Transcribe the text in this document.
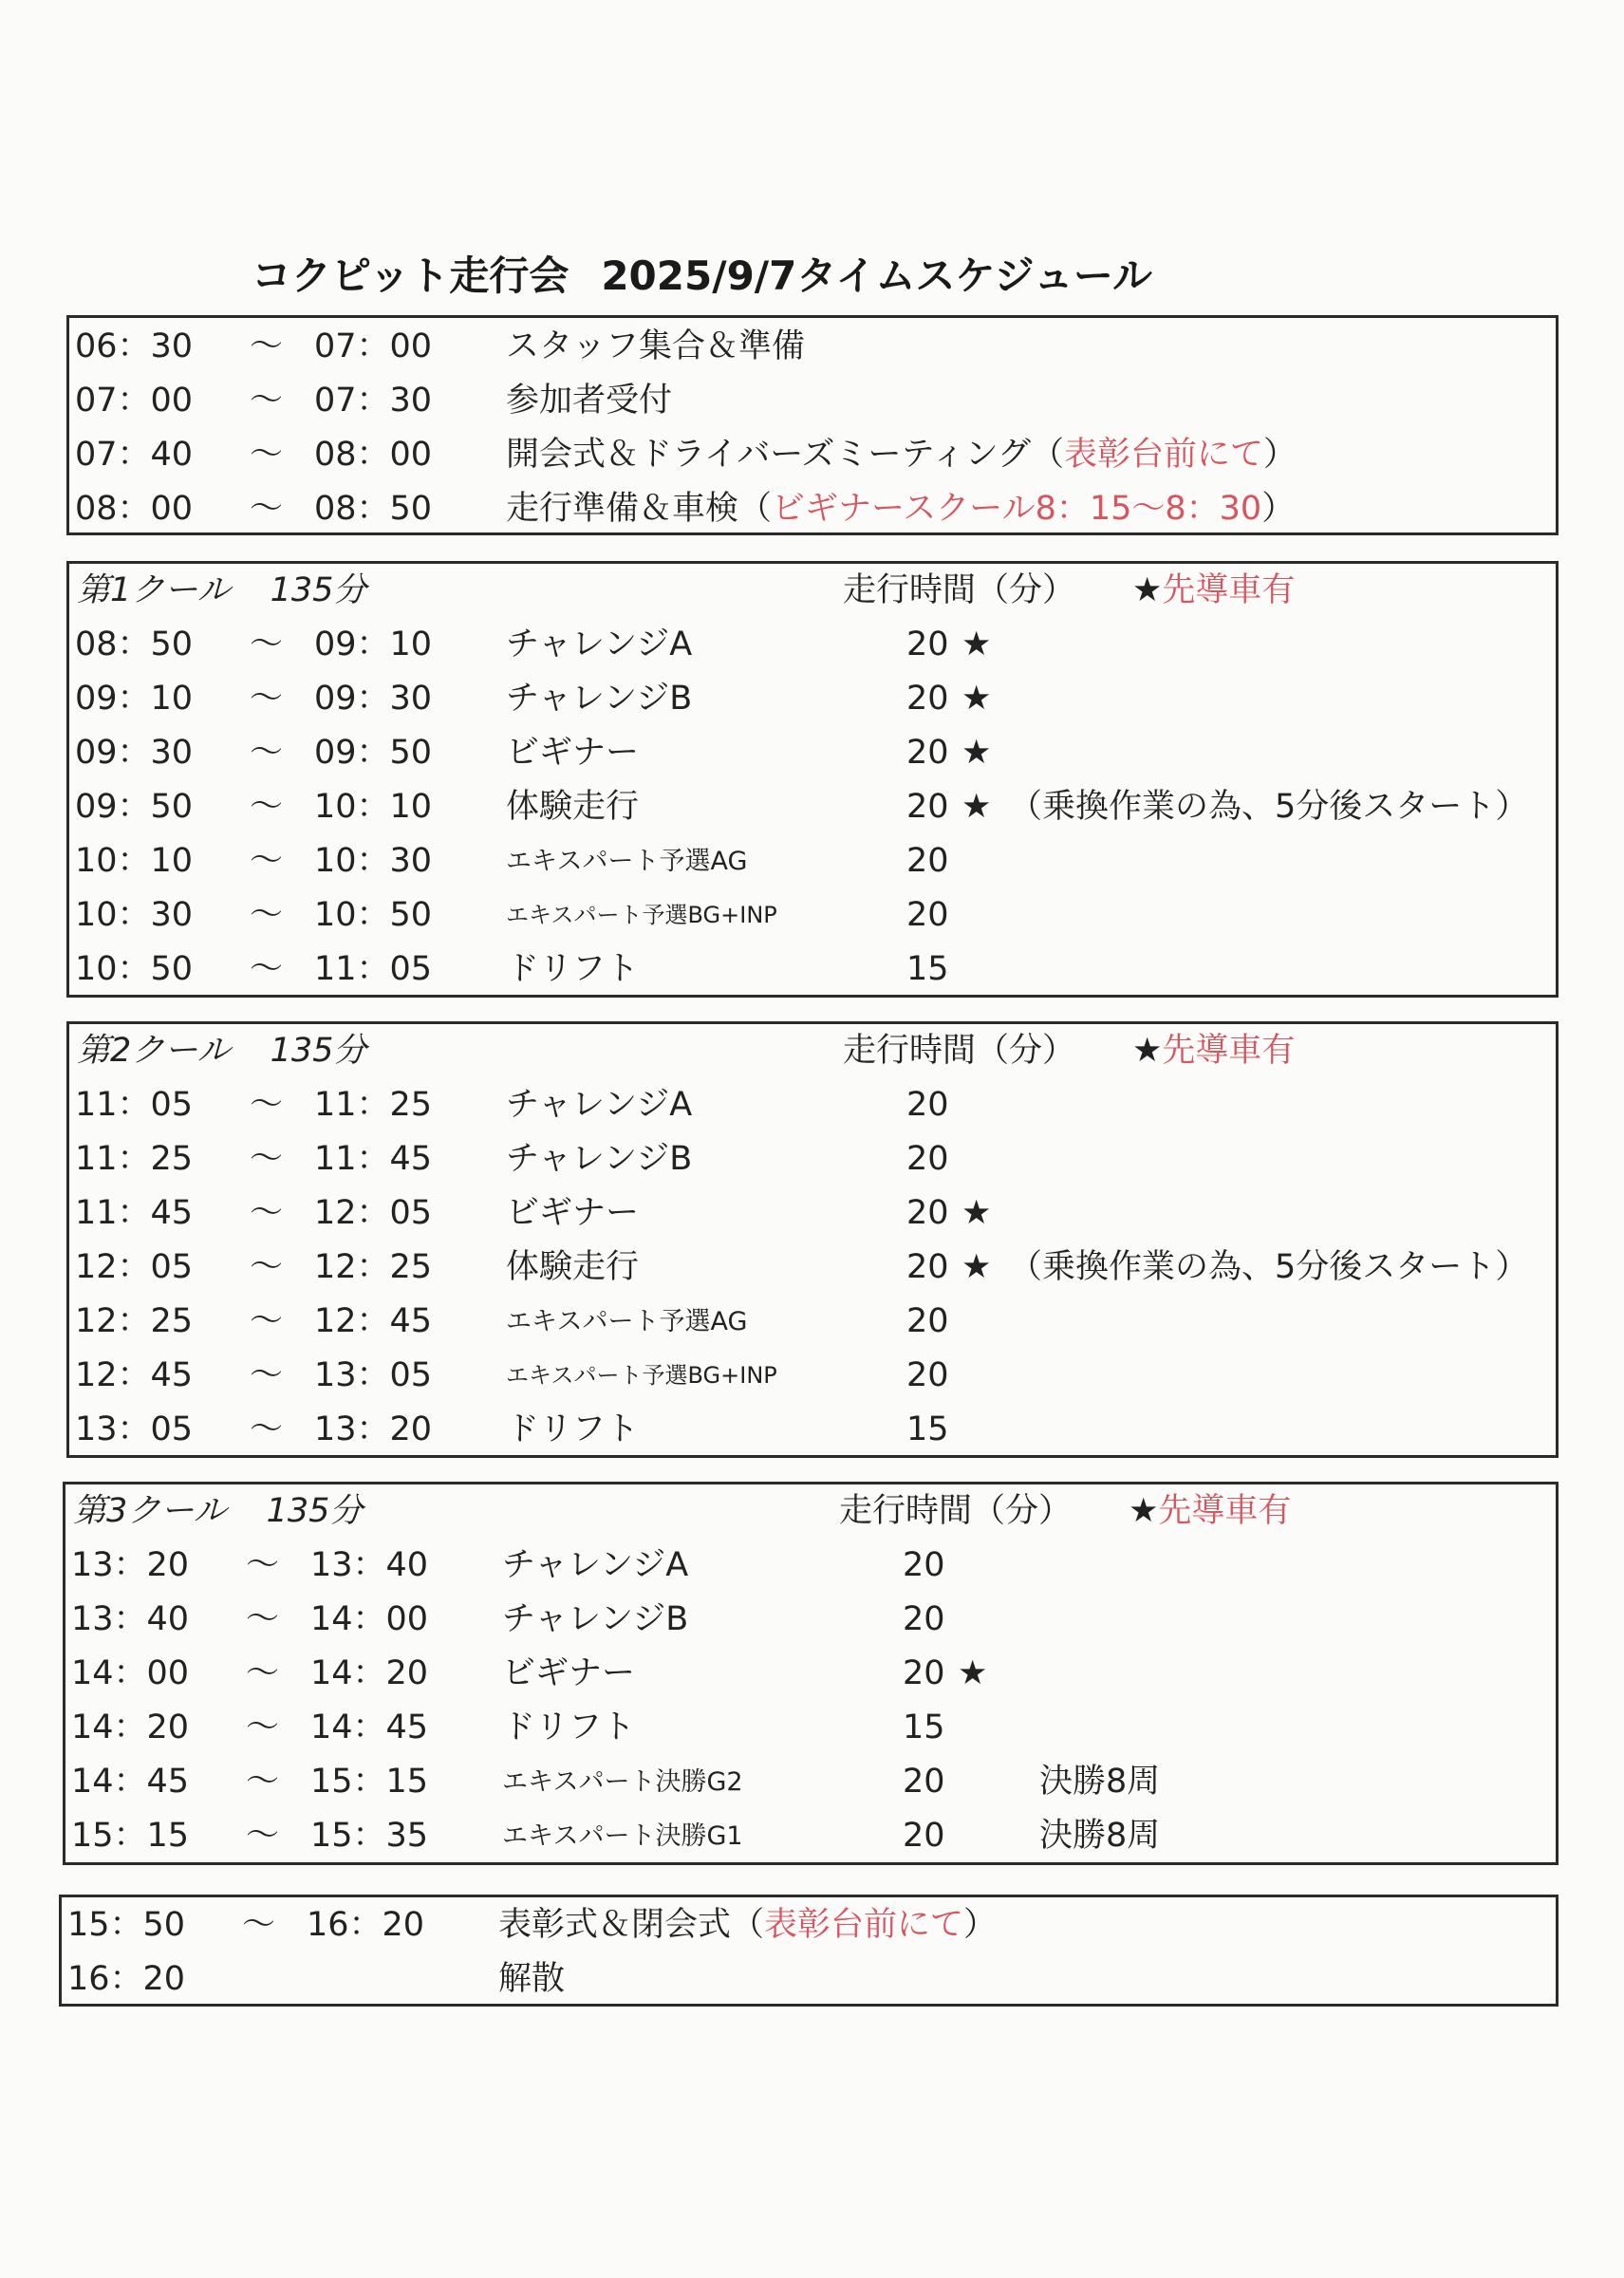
コクピット走行会 2025/9/7タイムスケジュール
06：30 ～ 07：00 スタッフ集合＆準備
07：00 ～ 07：30 参加者受付
07：40 ～ 08：00 開会式＆ドライバーズミーティング（表彰台前にて）
08：00 ～ 08：50 走行準備＆車検（ビギナースクール8：15～8：30）
第1クール 135分	走行時間（分） ★先導車有
08：50 ～ 09：10 チャレンジA	20 ★
09：10 ～ 09：30 チャレンジB	20 ★
09：30 ～ 09：50 ビギナー	20 ★
09：50 ～ 10：10 体験走行	20 ★ （乗換作業の為、5分後スタート）
10：10 ～ 10：30	エキスパート予選AG	20
10：30 ～ 10：50	エキスパート予選BG+INP	20
10：50 ～ 11：05 ドリフト	15
第2クール 135分	走行時間（分） ★先導車有
11：05 ～ 11：25 チャレンジA	20
11：25 ～ 11：45 チャレンジB	20
11：45 ～ 12：05 ビギナー	20 ★
12：05 ～ 12：25 体験走行	20 ★ （乗換作業の為、5分後スタート）
12：25 ～ 12：45	エキスパート予選AG	20
12：45 ～ 13：05	エキスパート予選BG+INP	20
13：05 ～ 13：20 ドリフト	15
第3クール 135分	走行時間（分） ★先導車有
13：20 ～ 13：40 チャレンジA	20
13：40 ～ 14：00 チャレンジB	20
14：00 ～ 14：20 ビギナー	20 ★
14：20 ～ 14：45 ドリフト	15
14：45 ～ 15：15	エキスパート決勝G2	20	決勝8周
15：15 ～ 15：35	エキスパート決勝G1	20	決勝8周
15：50 ～ 16：20 表彰式＆閉会式（表彰台前にて）
16：20	解散
